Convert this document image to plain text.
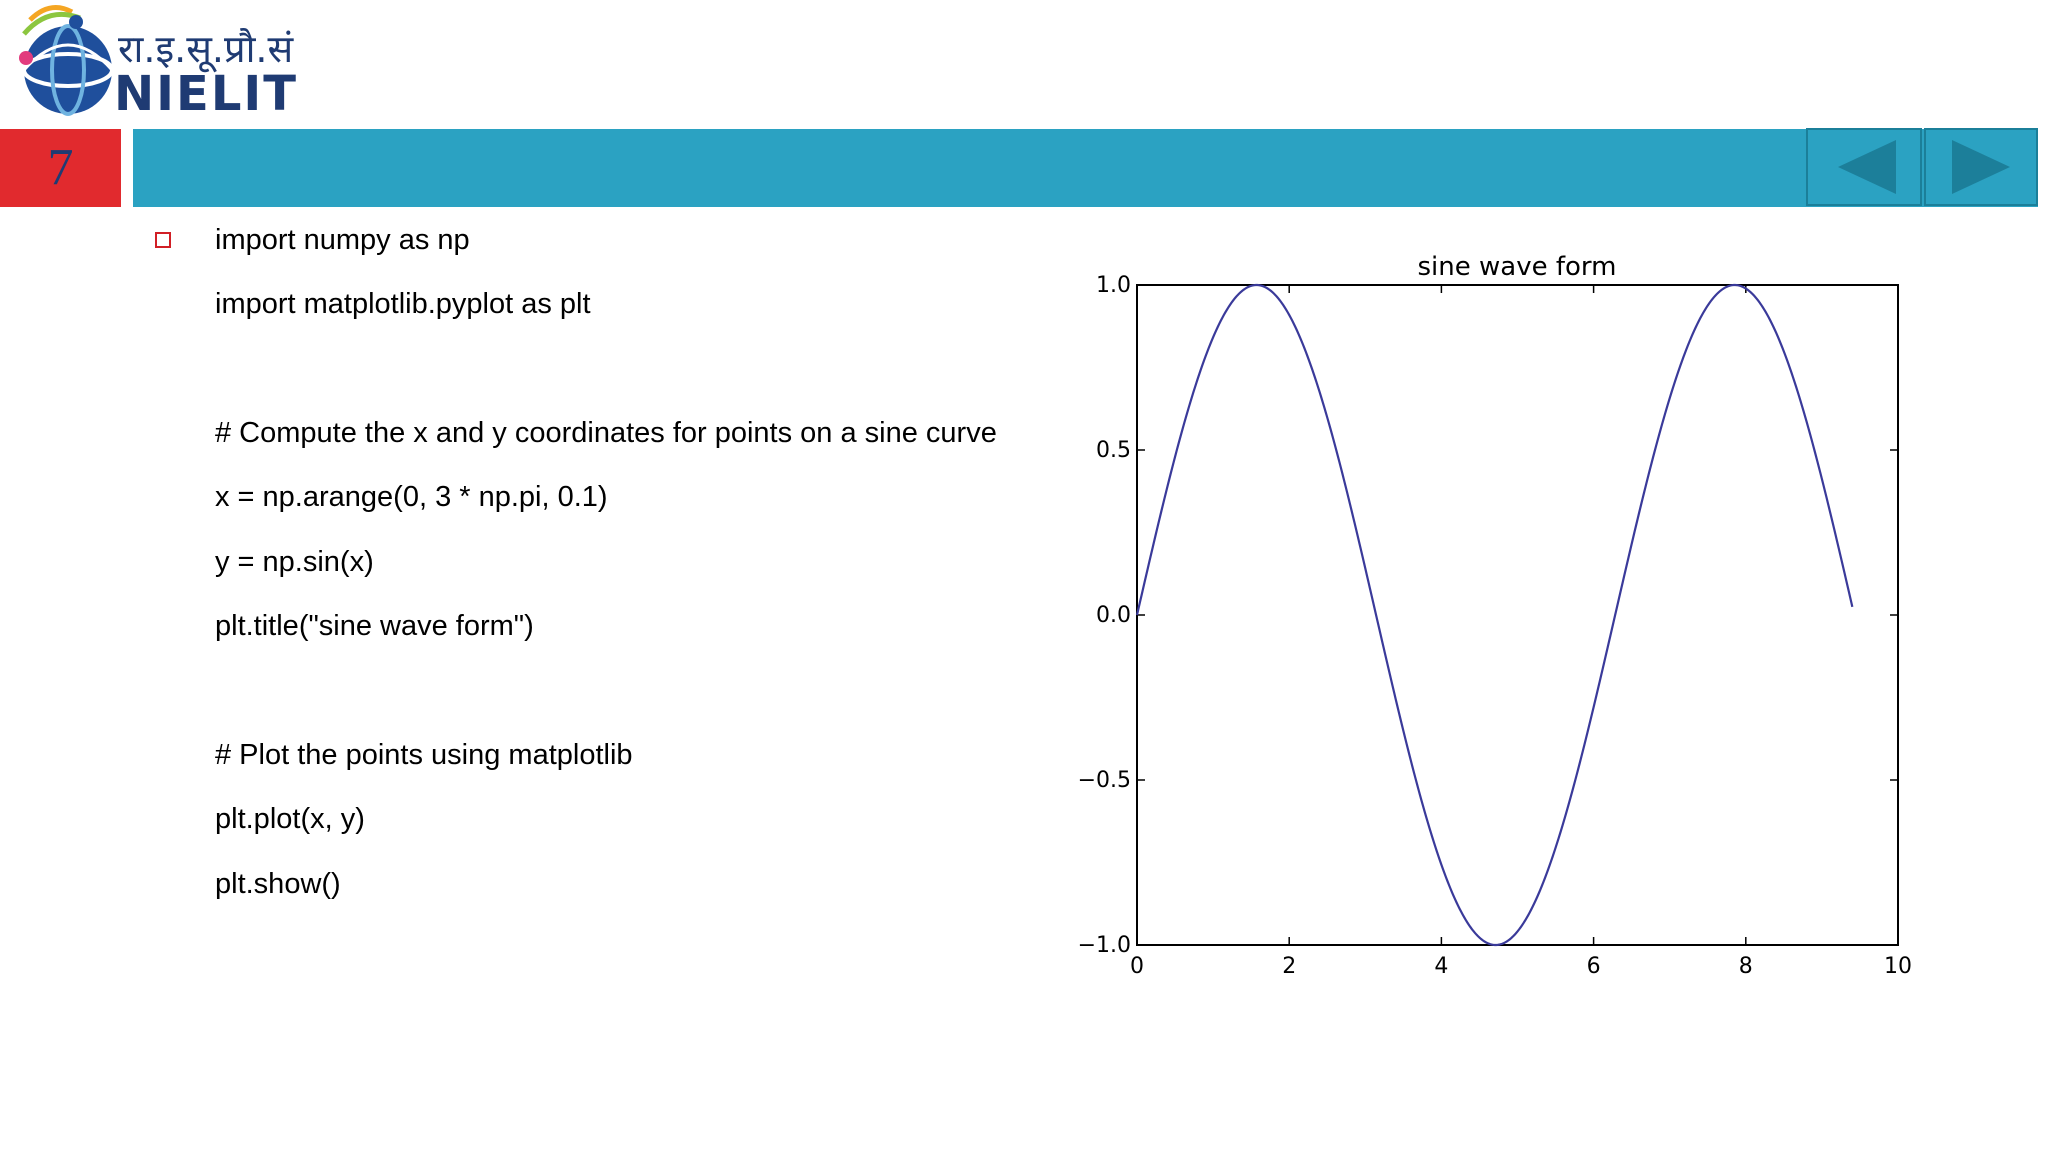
रा.इ.सू.प्रौ.सं
NIELIT
7
import numpy as np
import matplotlib.pyplot as plt
# Compute the x and y coordinates for points on a sine curve
x = np.arange(0, 3 * np.pi, 0.1)
y = np.sin(x)
plt.title("sine wave form")
# Plot the points using matplotlib
plt.plot(x, y)
plt.show()
sine wave form
0	2	4	6	8	10
−1.0
−0.5
0.0
0.5
1.0
